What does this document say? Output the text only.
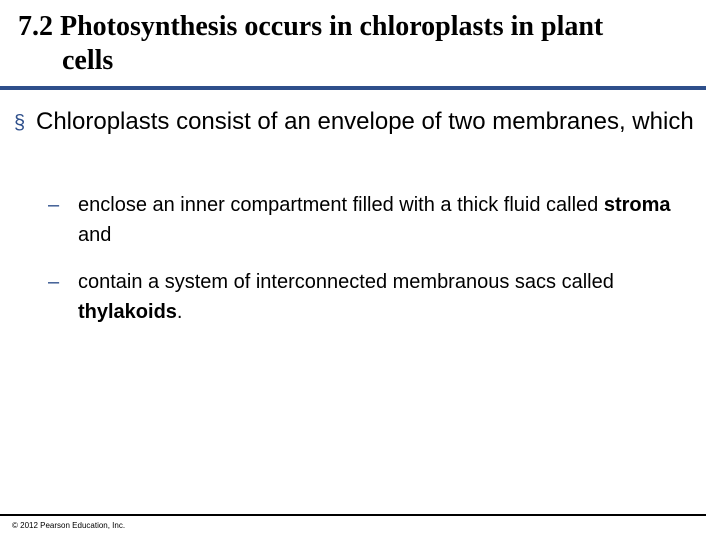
7.2 Photosynthesis occurs in chloroplasts in plant
cells
§ Chloroplasts consist of an envelope of two membranes, which
– enclose an inner compartment filled with a thick fluid called stroma and
– contain a system of interconnected membranous sacs called thylakoids.
© 2012 Pearson Education, Inc.
